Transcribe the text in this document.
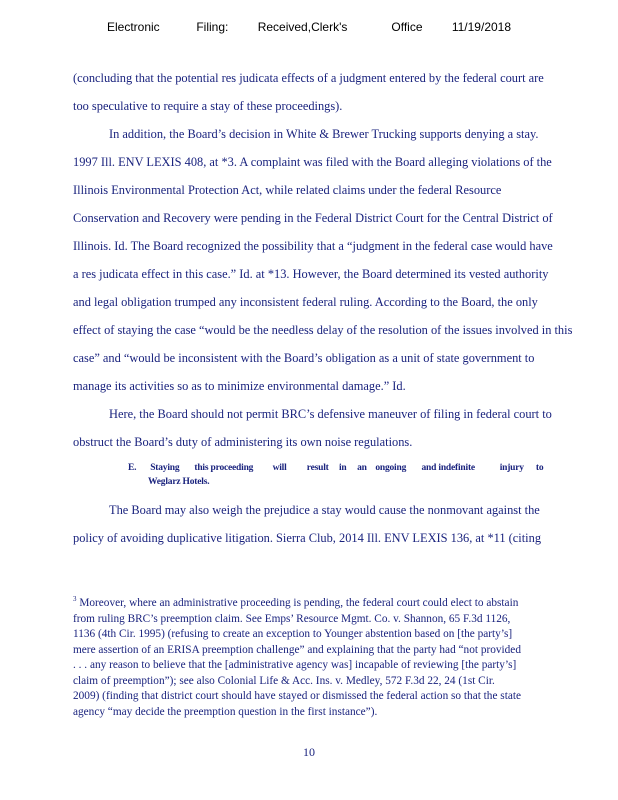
Electronic	Filing: Received,Clerk's	Office 11/19/2018
(concluding that the potential res judicata effects of a judgment entered by the federal court are
too speculative to require a stay of these proceedings).
In addition, the Board’s decision in White & Brewer Trucking supports denying a stay.
1997 Ill. ENV LEXIS 408, at *3. A complaint was filed with the Board alleging violations of the
Illinois Environmental Protection Act, while related claims under the federal Resource
Conservation and Recovery were pending in the Federal District Court for the Central District of
Illinois. Id. The Board recognized the possibility that a “judgment in the federal case would have
a res judicata effect in this case.” Id. at *13. However, the Board determined its vested authority
and legal obligation trumped any inconsistent federal ruling. According to the Board, the only
effect of staying the case “would be the needless delay of the resolution of the issues involved in this
case” and “would be inconsistent with the Board’s obligation as a unit of state government to
manage its activities so as to minimize environmental damage.” Id.
Here, the Board should not permit BRC’s defensive maneuver of filing in federal court to
obstruct the Board’s duty of administering its own noise regulations.
E. Staying this proceeding will result in an ongoing and indefinite	injury to
Weglarz Hotels.
The Board may also weigh the prejudice a stay would cause the nonmovant against the
policy of avoiding duplicative litigation. Sierra Club, 2014 Ill. ENV LEXIS 136, at *11 (citing
$^3$ Moreover, where an administrative proceeding is pending, the federal court could elect to abstain
from ruling BRC’s preemption claim. See Emps’ Resource Mgmt. Co. v. Shannon, 65 F.3d 1126,
1136 (4th Cir. 1995) (refusing to create an exception to Younger abstention based on [the party’s]
mere assertion of an ERISA preemption challenge” and explaining that the party had “not provided
. . . any reason to believe that the [administrative agency was] incapable of reviewing [the party’s]
claim of preemption”); see also Colonial Life & Acc. Ins. v. Medley, 572 F.3d 22, 24 (1st Cir.
2009) (finding that district court should have stayed or dismissed the federal action so that the state
agency “may decide the preemption question in the first instance”).
10
